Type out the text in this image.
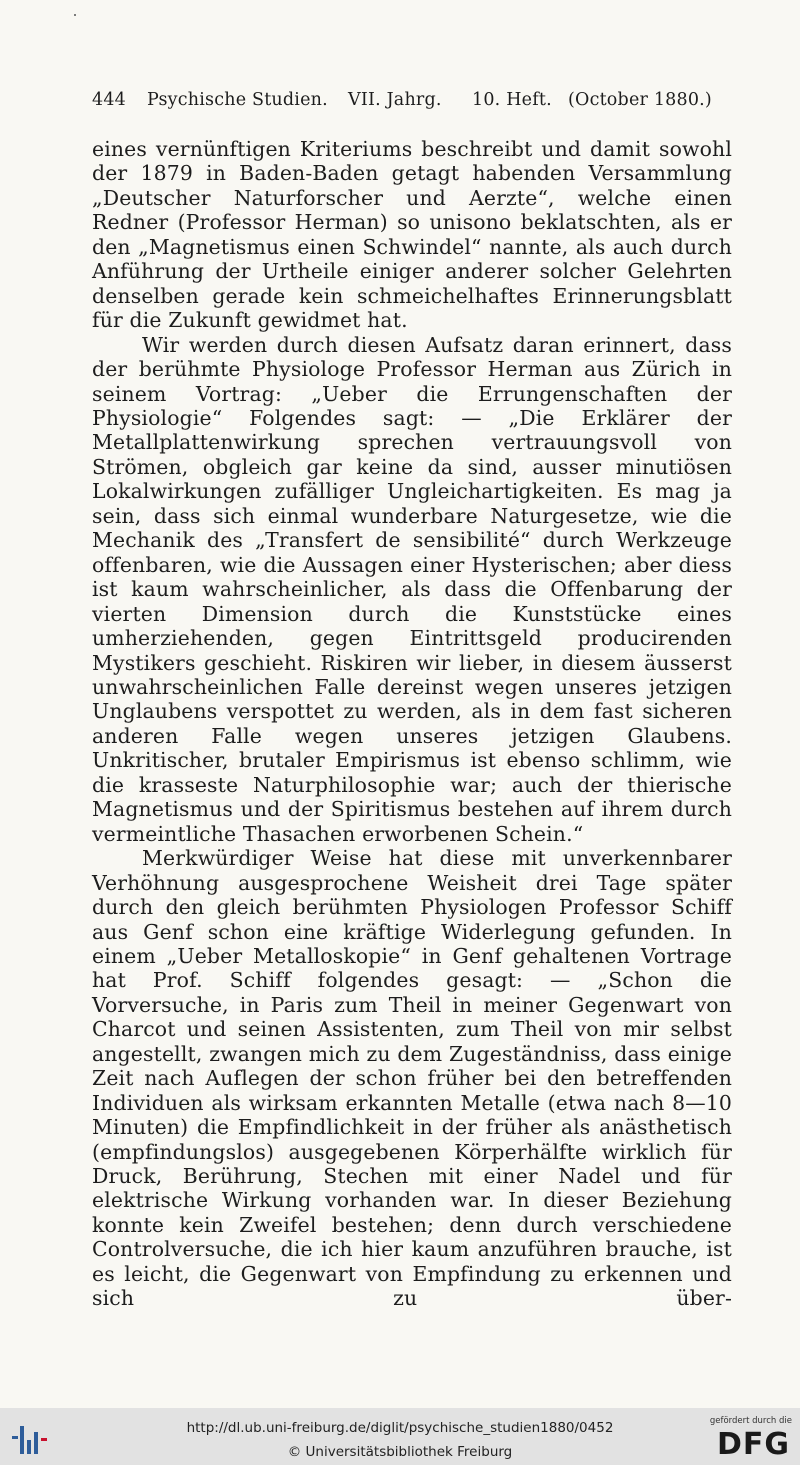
444 Psychische Studien. VII. Jahrg. 10. Heft. (October 1880.)

eines vernünftigen Kriteriums beschreibt und damit sowohl der 1879 in Baden-Baden getagt habenden Versammlung „Deutscher Naturforscher und Aerzte“, welche einen Redner (Professor Herman) so unisono beklatschten, als er den „Magnetismus einen Schwindel“ nannte, als auch durch Anführung der Urtheile einiger anderer solcher Gelehrten denselben gerade kein schmeichelhaftes Erinnerungsblatt für die Zukunft gewidmet hat.

Wir werden durch diesen Aufsatz daran erinnert, dass der berühmte Physiologe Professor Herman aus Zürich in seinem Vortrag: „Ueber die Errungenschaften der Physiologie“ Folgendes sagt: — „Die Erklärer der Metallplattenwirkung sprechen vertrauungsvoll von Strömen, obgleich gar keine da sind, ausser minutiösen Lokalwirkungen zufälliger Ungleichartigkeiten. Es mag ja sein, dass sich einmal wunderbare Naturgesetze, wie die Mechanik des „Transfert de sensibilité“ durch Werkzeuge offenbaren, wie die Aussagen einer Hysterischen; aber diess ist kaum wahrscheinlicher, als dass die Offenbarung der vierten Dimension durch die Kunststücke eines umherziehenden, gegen Eintrittsgeld producirenden Mystikers geschieht. Riskiren wir lieber, in diesem äusserst unwahrscheinlichen Falle dereinst wegen unseres jetzigen Unglaubens verspottet zu werden, als in dem fast sicheren anderen Falle wegen unseres jetzigen Glaubens. Unkritischer, brutaler Empirismus ist ebenso schlimm, wie die krasseste Naturphilosophie war; auch der thierische Magnetismus und der Spiritismus bestehen auf ihrem durch vermeintliche Thasachen erworbenen Schein.“

Merkwürdiger Weise hat diese mit unverkennbarer Verhöhnung ausgesprochene Weisheit drei Tage später durch den gleich berühmten Physiologen Professor Schiff aus Genf schon eine kräftige Widerlegung gefunden. In einem „Ueber Metalloskopie“ in Genf gehaltenen Vortrage hat Prof. Schiff folgendes gesagt: — „Schon die Vorversuche, in Paris zum Theil in meiner Gegenwart von Charcot und seinen Assistenten, zum Theil von mir selbst angestellt, zwangen mich zu dem Zugeständniss, dass einige Zeit nach Auflegen der schon früher bei den betreffenden Individuen als wirksam erkannten Metalle (etwa nach 8—10 Minuten) die Empfindlichkeit in der früher als anästhetisch (empfindungslos) ausgegebenen Körperhälfte wirklich für Druck, Berührung, Stechen mit einer Nadel und für elektrische Wirkung vorhanden war. In dieser Beziehung konnte kein Zweifel bestehen; denn durch verschiedene Controlversuche, die ich hier kaum anzuführen brauche, ist es leicht, die Gegenwart von Empfindung zu erkennen und sich zu über-

http://dl.ub.uni-freiburg.de/diglit/psychische_studien1880/0452
© Universitätsbibliothek Freiburg
gefördert durch die
DFG
